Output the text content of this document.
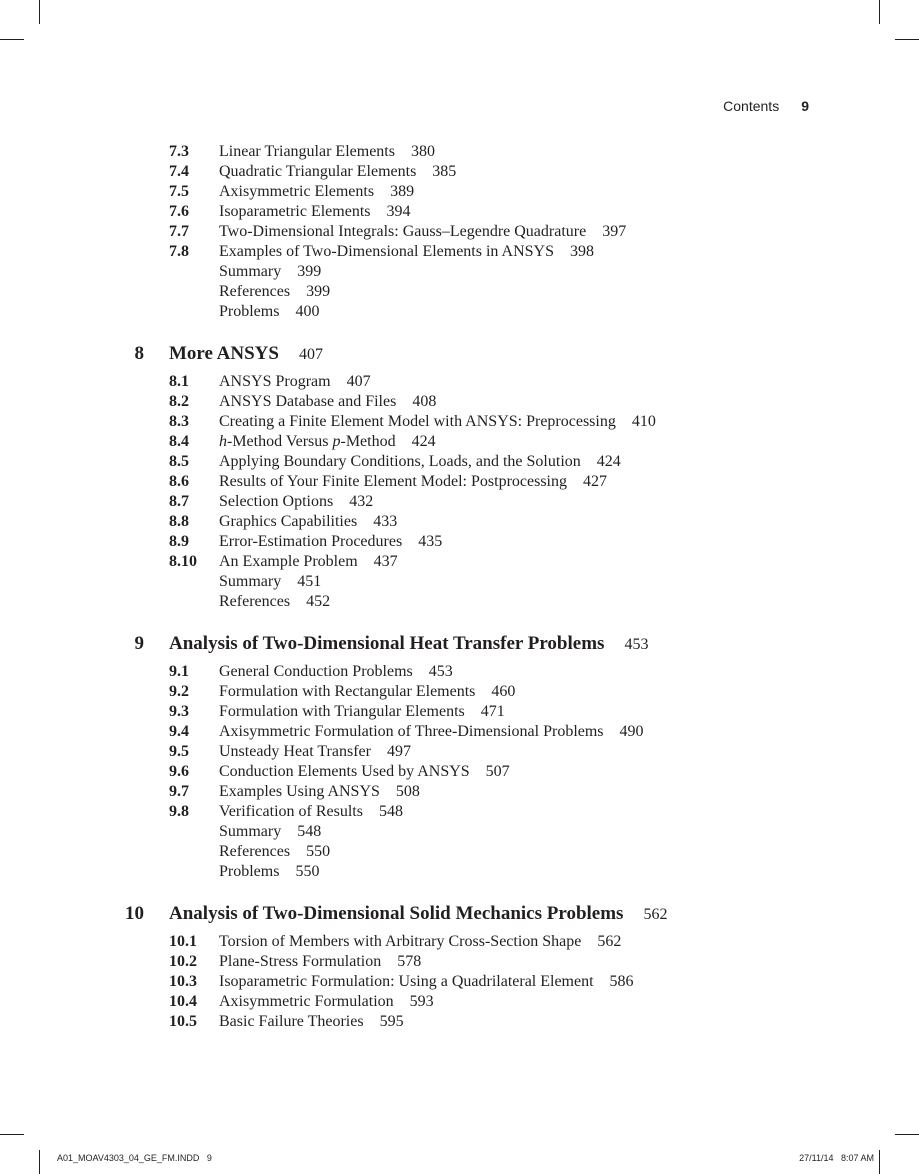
Contents 9
7.3 Linear Triangular Elements 380
7.4 Quadratic Triangular Elements 385
7.5 Axisymmetric Elements 389
7.6 Isoparametric Elements 394
7.7 Two-Dimensional Integrals: Gauss–Legendre Quadrature 397
7.8 Examples of Two-Dimensional Elements in ANSYS 398
Summary 399
References 399
Problems 400
8 More ANSYS 407
8.1 ANSYS Program 407
8.2 ANSYS Database and Files 408
8.3 Creating a Finite Element Model with ANSYS: Preprocessing 410
8.4 h-Method Versus p-Method 424
8.5 Applying Boundary Conditions, Loads, and the Solution 424
8.6 Results of Your Finite Element Model: Postprocessing 427
8.7 Selection Options 432
8.8 Graphics Capabilities 433
8.9 Error-Estimation Procedures 435
8.10 An Example Problem 437
Summary 451
References 452
9 Analysis of Two-Dimensional Heat Transfer Problems 453
9.1 General Conduction Problems 453
9.2 Formulation with Rectangular Elements 460
9.3 Formulation with Triangular Elements 471
9.4 Axisymmetric Formulation of Three-Dimensional Problems 490
9.5 Unsteady Heat Transfer 497
9.6 Conduction Elements Used by ANSYS 507
9.7 Examples Using ANSYS 508
9.8 Verification of Results 548
Summary 548
References 550
Problems 550
10 Analysis of Two-Dimensional Solid Mechanics Problems 562
10.1 Torsion of Members with Arbitrary Cross-Section Shape 562
10.2 Plane-Stress Formulation 578
10.3 Isoparametric Formulation: Using a Quadrilateral Element 586
10.4 Axisymmetric Formulation 593
10.5 Basic Failure Theories 595
A01_MOAV4303_04_GE_FM.INDD   9	27/11/14   8:07 AM
